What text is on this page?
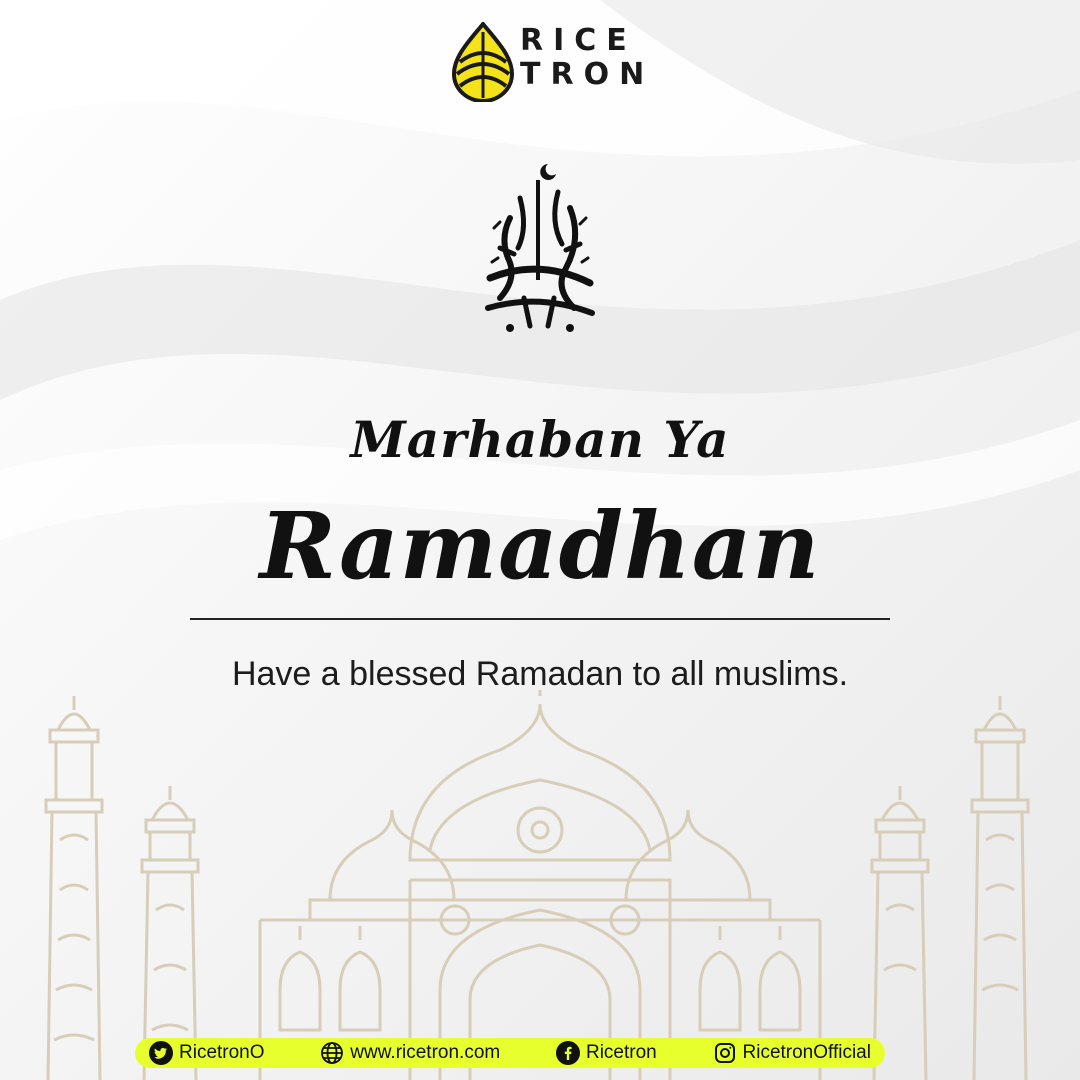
RICE
TRON
Marhaban Ya
Ramadhan
Have a blessed Ramadan to all muslims.
RicetronO	www.ricetron.com	Ricetron	RicetronOfficial
